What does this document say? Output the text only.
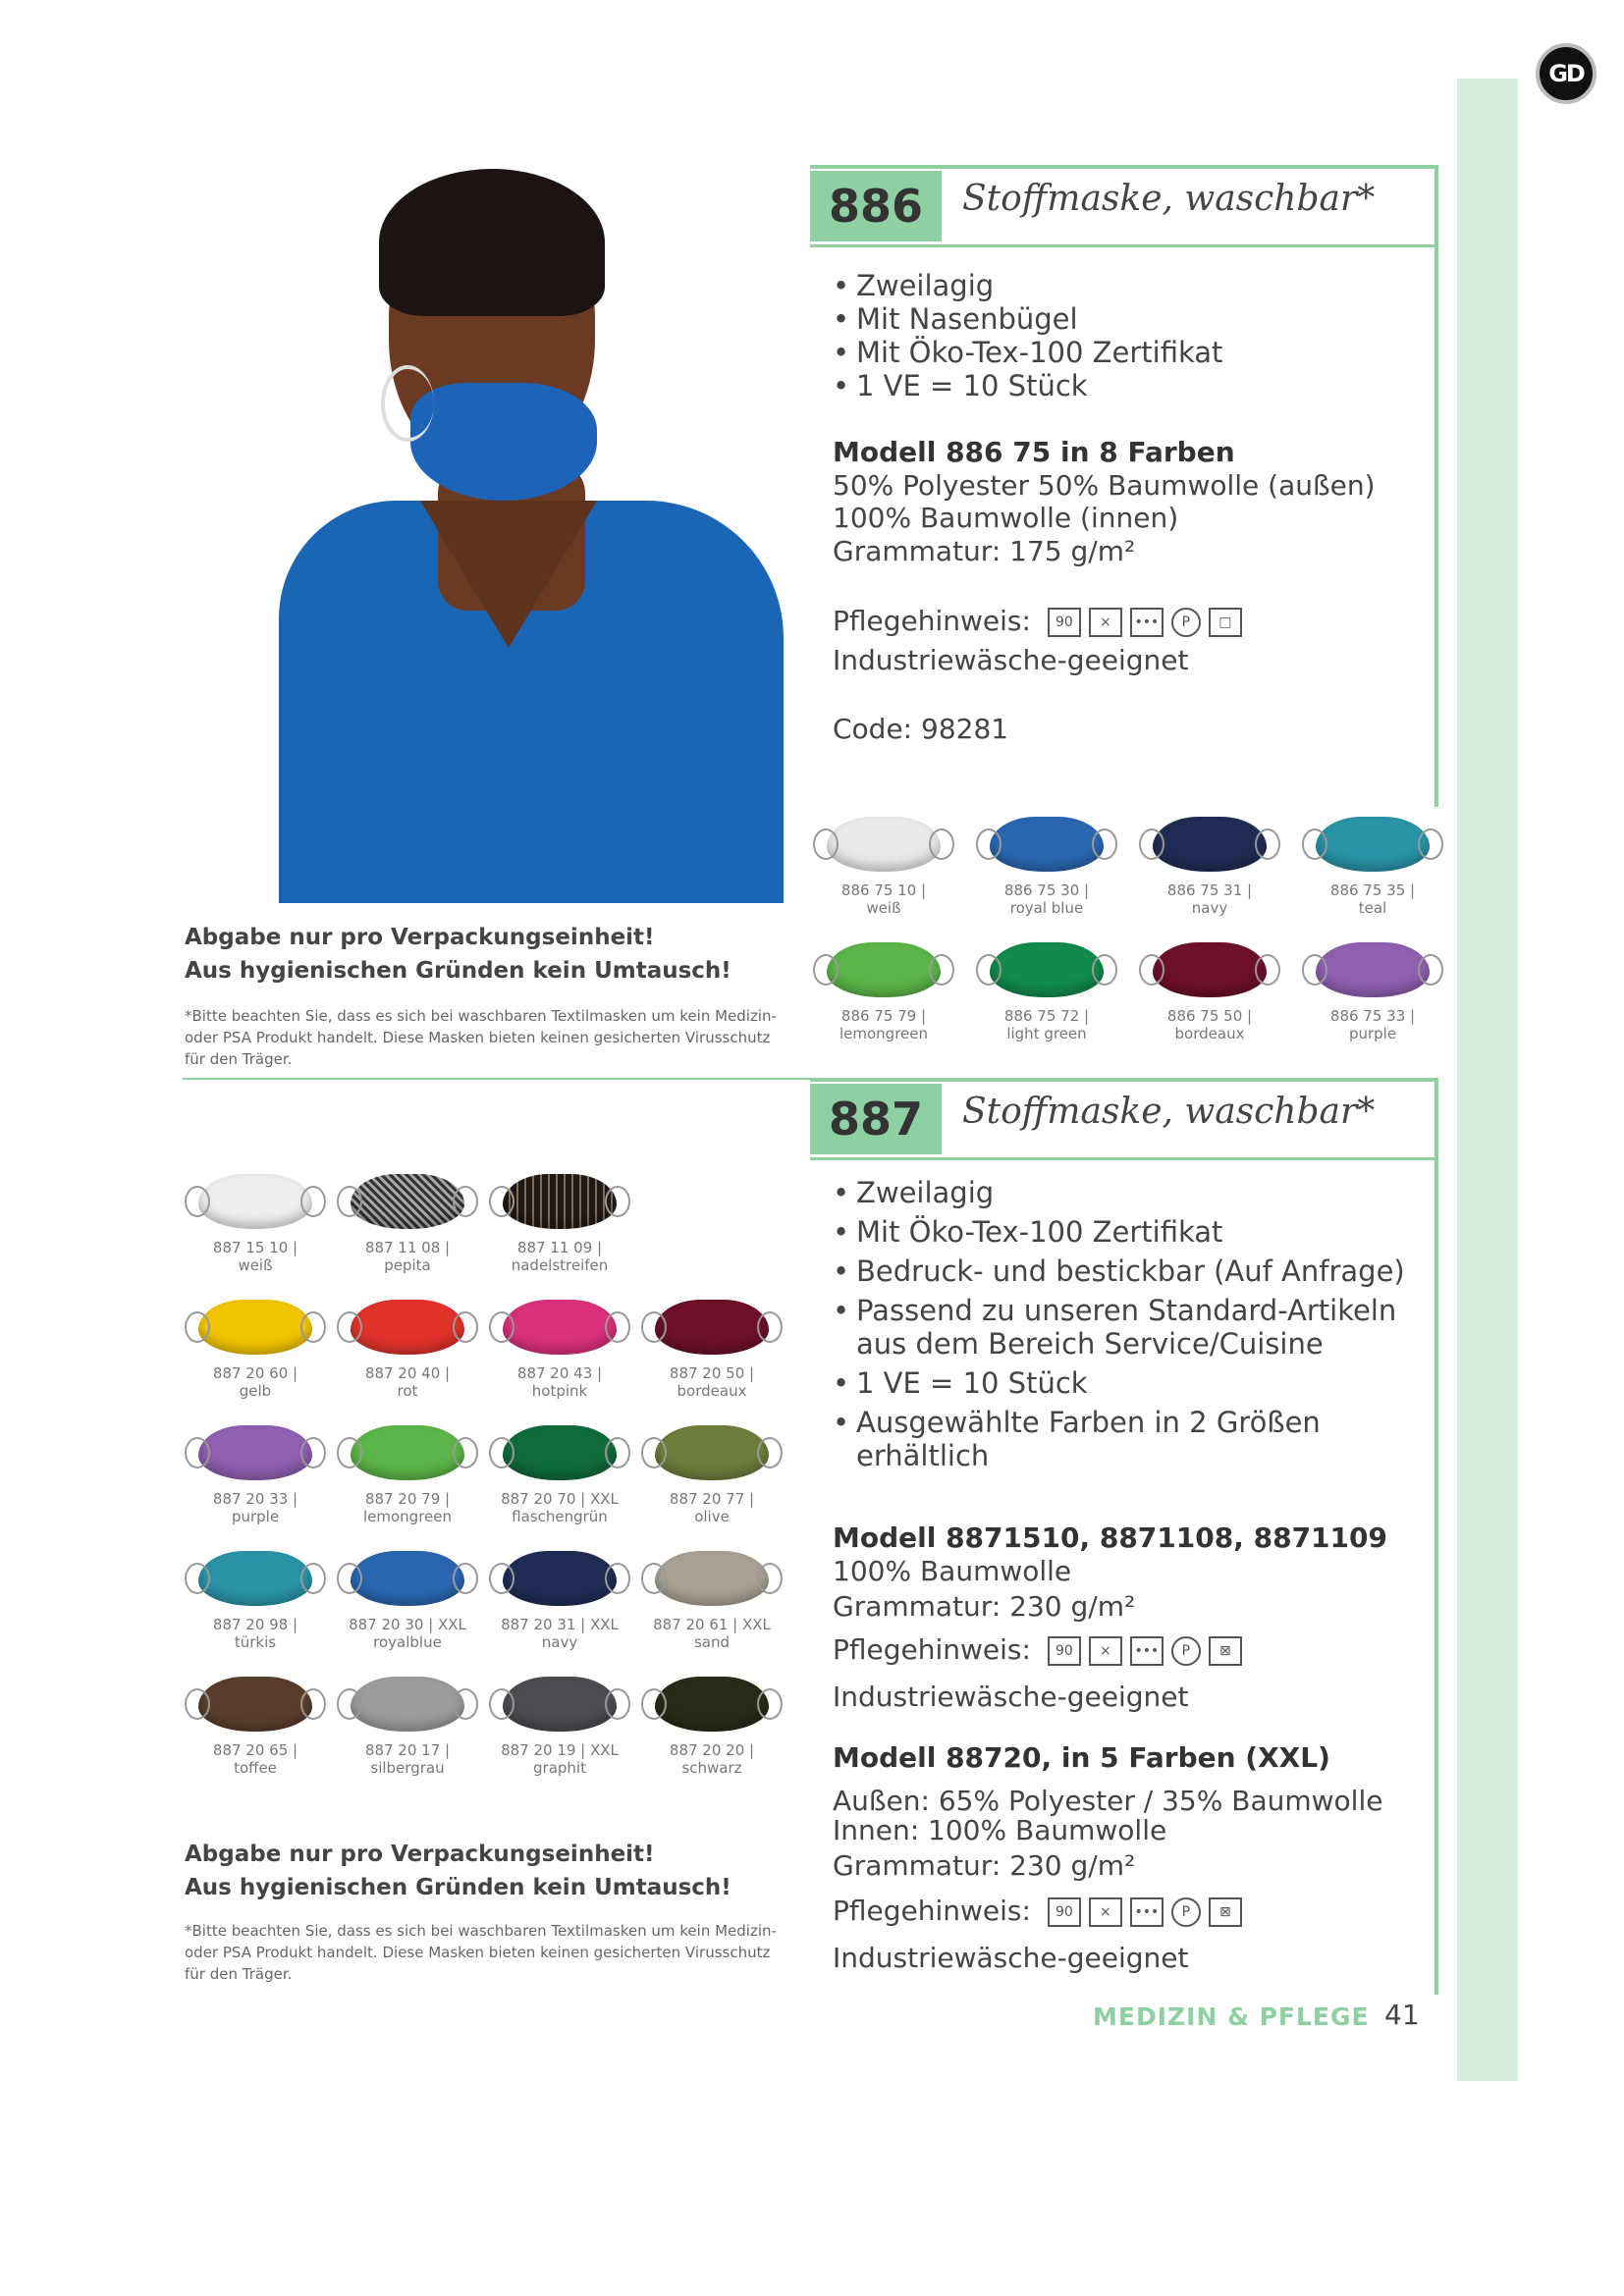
GD
886	Stoffmaske, waschbar*
• Zweilagig
• Mit Nasenbügel
• Mit Öko-Tex-100 Zertifikat
• 1 VE = 10 Stück
Modell 886 75 in 8 Farben
50% Polyester 50% Baumwolle (außen)
100% Baumwolle (innen)
Grammatur: 175 g/m²
Pflegehinweis:	90	×	•••	P	□
Industriewäsche-geeignet
Code: 98281
886 75 10 |
weiß
886 75 30 |
royal blue
886 75 31 |
navy
886 75 35 |
teal
886 75 79 |
lemongreen
886 75 72 |
light green
886 75 50 |
bordeaux
886 75 33 |
purple
Abgabe nur pro Verpackungseinheit!
Aus hygienischen Gründen kein Umtausch!
*Bitte beachten Sie, dass es sich bei waschbaren Textilmasken um kein Medizin- oder PSA Produkt handelt. Diese Masken bieten keinen gesicherten Virusschutz für den Träger.
887	Stoffmaske, waschbar*
• Zweilagig
• Mit Öko-Tex-100 Zertifikat
• Bedruck- und bestickbar (Auf Anfrage)
• Passend zu unseren Standard-Artikeln aus dem Bereich Service/Cuisine
• 1 VE = 10 Stück
• Ausgewählte Farben in 2 Größen erhältlich
Modell 8871510, 8871108, 8871109
100% Baumwolle
Grammatur: 230 g/m²
Pflegehinweis:	90	×	•••	P	⊠
Industriewäsche-geeignet
Modell 88720, in 5 Farben (XXL)
Außen: 65% Polyester / 35% Baumwolle
Innen: 100% Baumwolle
Grammatur: 230 g/m²
Pflegehinweis:	90	×	•••	P	⊠
Industriewäsche-geeignet
887 15 10 |
weiß
887 11 08 |
pepita
887 11 09 |
nadelstreifen
887 20 60 |
gelb
887 20 40 |
rot
887 20 43 |
hotpink
887 20 50 |
bordeaux
887 20 33 |
purple
887 20 79 |
lemongreen
887 20 70 | XXL
flaschengrün
887 20 77 |
olive
887 20 98 |
türkis
887 20 30 | XXL
royalblue
887 20 31 | XXL
navy
887 20 61 | XXL
sand
887 20 65 |
toffee
887 20 17 |
silbergrau
887 20 19 | XXL
graphit
887 20 20 |
schwarz
Abgabe nur pro Verpackungseinheit!
Aus hygienischen Gründen kein Umtausch!
*Bitte beachten Sie, dass es sich bei waschbaren Textilmasken um kein Medizin- oder PSA Produkt handelt. Diese Masken bieten keinen gesicherten Virusschutz für den Träger.
MEDIZIN & PFLEGE 41
